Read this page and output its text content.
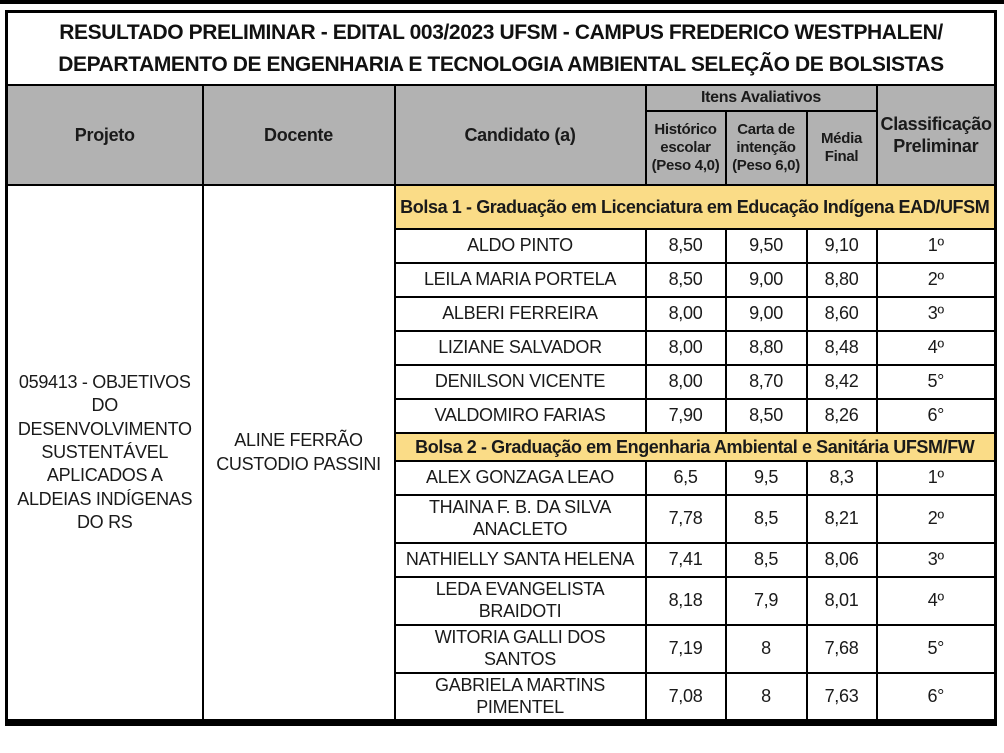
RESULTADO PRELIMINAR - EDITAL 003/2023 UFSM - CAMPUS FREDERICO WESTPHALEN/
DEPARTAMENTO DE ENGENHARIA E TECNOLOGIA AMBIENTAL SELEÇÃO DE BOLSISTAS						

Projeto	Docente	Candidato (a)	Itens Avaliativos			Classificação Preliminar
			Histórico escolar (Peso 4,0)	Carta de intenção (Peso 6,0)	Média Final	
059413 - OBJETIVOS DO DESENVOLVIMENTO SUSTENTÁVEL APLICADOS A ALDEIAS INDÍGENAS DO RS	ALINE FERRÃO CUSTODIO PASSINI	Bolsa 1 - Graduação em Licenciatura em Educação Indígena EAD/UFSM				
		ALDO PINTO	8,50	9,50	9,10	1º
		LEILA MARIA PORTELA	8,50	9,00	8,80	2º
		ALBERI FERREIRA	8,00	9,00	8,60	3º
		LIZIANE SALVADOR	8,00	8,80	8,48	4º
		DENILSON VICENTE	8,00	8,70	8,42	5°
		VALDOMIRO FARIAS	7,90	8,50	8,26	6°
		Bolsa 2 - Graduação em Engenharia Ambiental e Sanitária UFSM/FW				
		ALEX GONZAGA LEAO	6,5	9,5	8,3	1º
		THAINA F. B. DA SILVA ANACLETO	7,78	8,5	8,21	2º
		NATHIELLY SANTA HELENA	7,41	8,5	8,06	3º
		LEDA EVANGELISTA BRAIDOTI	8,18	7,9	8,01	4º
		WITORIA GALLI DOS SANTOS	7,19	8	7,68	5°
		GABRIELA MARTINS PIMENTEL	7,08	8	7,63	6°
